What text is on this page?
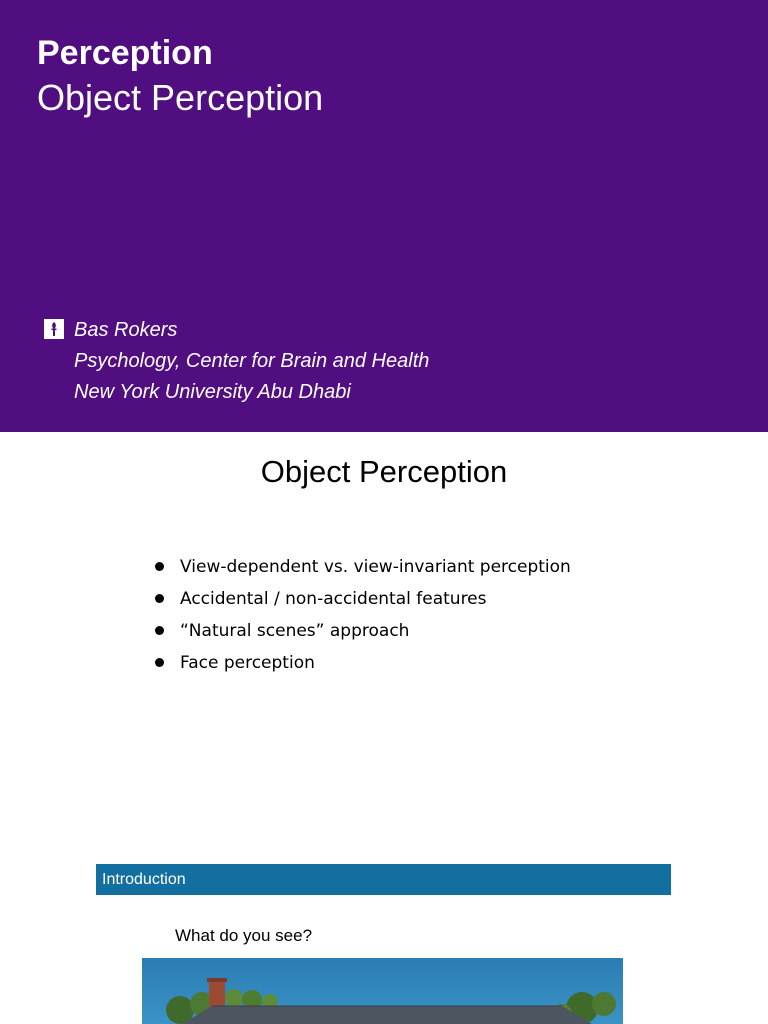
Perception
Object Perception
Bas Rokers
Psychology, Center for Brain and Health
New York University Abu Dhabi
Object Perception
View-dependent vs. view-invariant perception
Accidental / non-accidental features
“Natural scenes” approach
Face perception
Introduction
What do you see?
